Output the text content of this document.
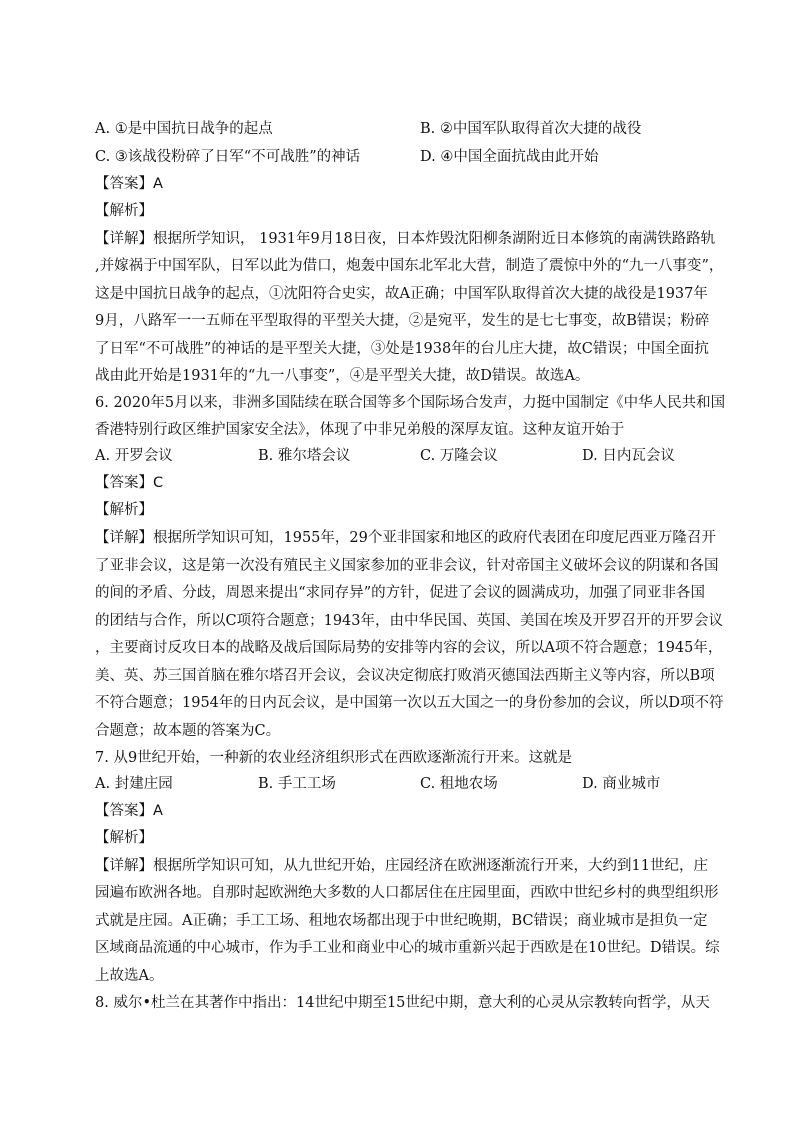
A. ①是中国抗日战争的起点	B. ②中国军队取得首次大捷的战役
C. ③该战役粉碎了日军“不可战胜”的神话	D. ④中国全面抗战由此开始
【答案】A
【解析】
【详解】根据所学知识， 1931年9月18日夜，日本炸毁沈阳柳条湖附近日本修筑的南满铁路路轨
,并嫁祸于中国军队，日军以此为借口，炮轰中国东北军北大营，制造了震惊中外的“九一八事变”，
这是中国抗日战争的起点，①沈阳符合史实，故A正确；中国军队取得首次大捷的战役是1937年
9月，八路军一一五师在平型取得的平型关大捷，②是宛平，发生的是七七事变，故B错误；粉碎
了日军“不可战胜”的神话的是平型关大捷，③处是1938年的台儿庄大捷，故C错误；中国全面抗
战由此开始是1931年的“九一八事变”，④是平型关大捷，故D错误。故选A。
6. 2020年5月以来，非洲多国陆续在联合国等多个国际场合发声，力挺中国制定《中华人民共和国
香港特别行政区维护国家安全法》，体现了中非兄弟般的深厚友谊。这种友谊开始于
A. 开罗会议	B. 雅尔塔会议	C. 万隆会议	D. 日内瓦会议
【答案】C
【解析】
【详解】根据所学知识可知，1955年，29个亚非国家和地区的政府代表团在印度尼西亚万隆召开
了亚非会议，这是第一次没有殖民主义国家参加的亚非会议，针对帝国主义破坏会议的阴谋和各国
的间的矛盾、分歧，周恩来提出“求同存异”的方针，促进了会议的圆满成功，加强了同亚非各国
的团结与合作，所以C项符合题意；1943年，由中华民国、英国、美国在埃及开罗召开的开罗会议
，主要商讨反攻日本的战略及战后国际局势的安排等内容的会议，所以A项不符合题意；1945年，
美、英、苏三国首脑在雅尔塔召开会议，会议决定彻底打败消灭德国法西斯主义等内容，所以B项
不符合题意；1954年的日内瓦会议，是中国第一次以五大国之一的身份参加的会议，所以D项不符
合题意；故本题的答案为C。
7. 从9世纪开始，一种新的农业经济组织形式在西欧逐渐流行开来。这就是
A. 封建庄园	B. 手工工场	C. 租地农场	D. 商业城市
【答案】A
【解析】
【详解】根据所学知识可知，从九世纪开始，庄园经济在欧洲逐渐流行开来，大约到11世纪，庄
园遍布欧洲各地。自那时起欧洲绝大多数的人口都居住在庄园里面，西欧中世纪乡村的典型组织形
式就是庄园。A正确；手工工场、租地农场都出现于中世纪晚期，BC错误；商业城市是担负一定
区域商品流通的中心城市，作为手工业和商业中心的城市重新兴起于西欧是在10世纪。D错误。综
上故选A。
8. 威尔•杜兰在其著作中指出：14世纪中期至15世纪中期，意大利的心灵从宗教转向哲学，从天
